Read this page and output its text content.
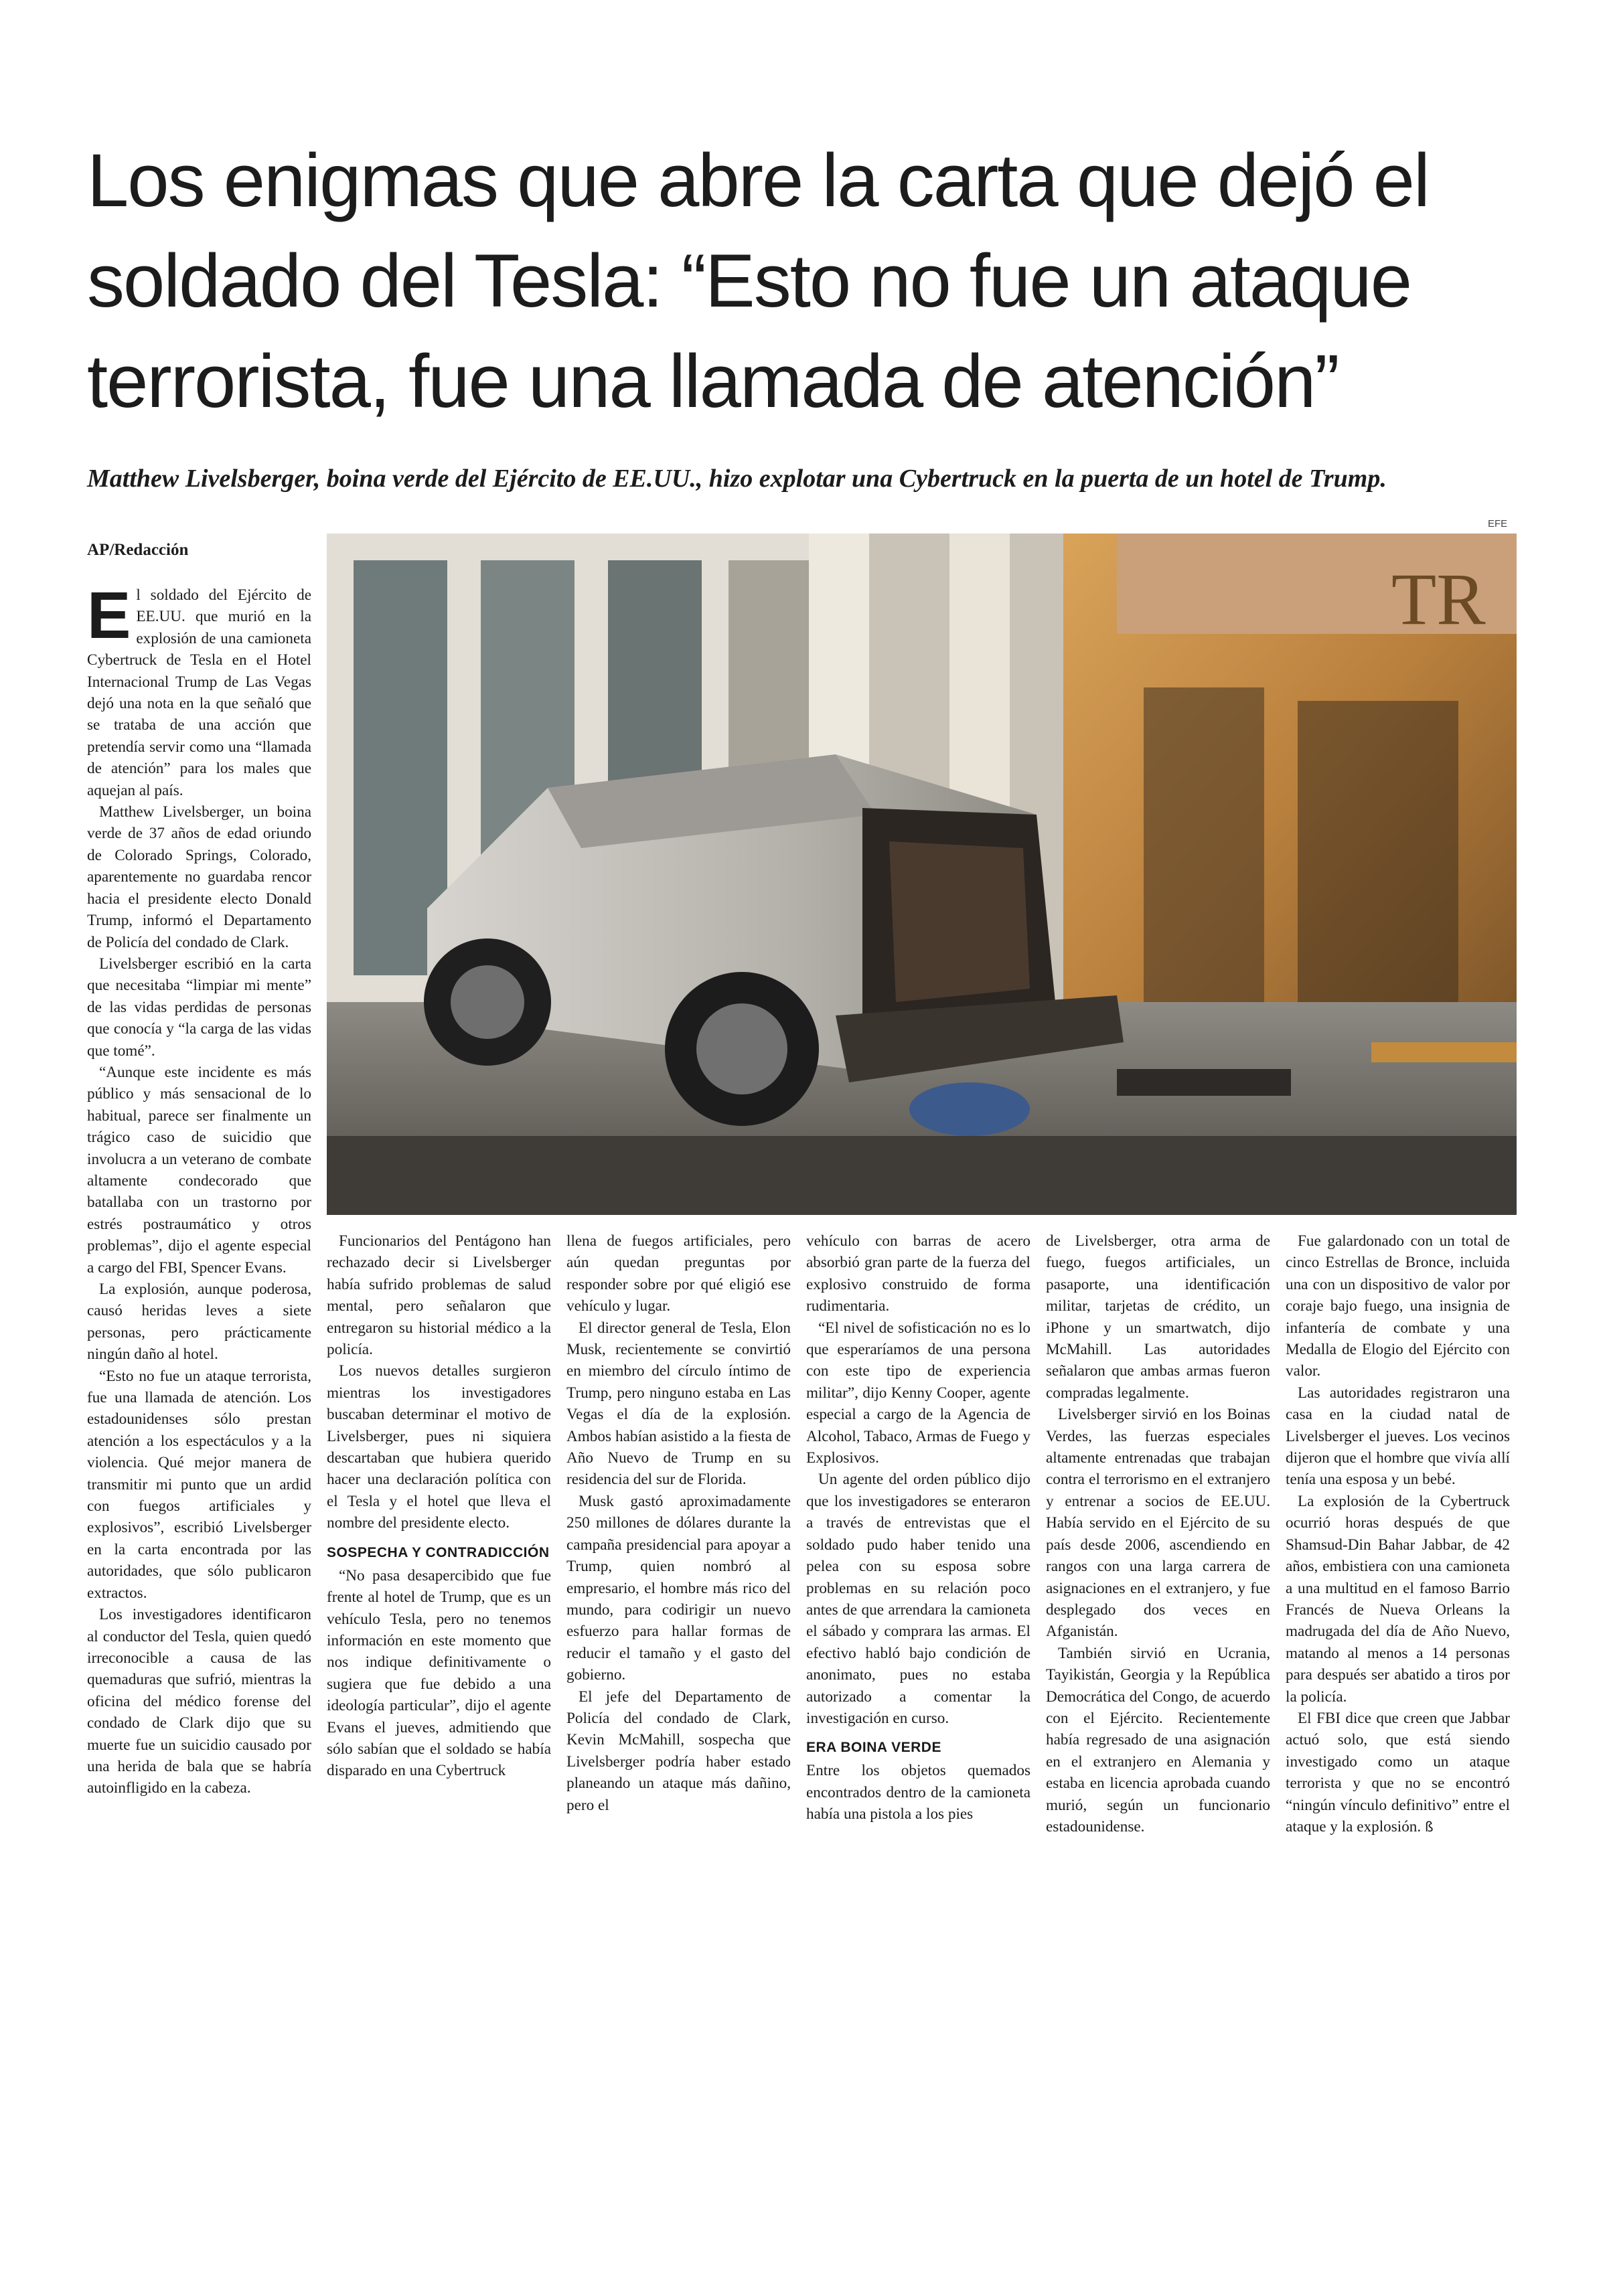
Los enigmas que abre la carta que dejó el soldado del Tesla: “Esto no fue un ataque terrorista, fue una llamada de atención”
Matthew Livelsberger, boina verde del Ejército de EE.UU., hizo explotar una Cybertruck en la puerta de un hotel de Trump.
EFE
AP/Redacción
TR

El soldado del Ejército de EE.UU. que murió en la explosión de una camioneta Cybertruck de Tesla en el Hotel Internacional Trump de Las Vegas dejó una nota en la que señaló que se trataba de una acción que pretendía servir como una “llamada de atención” para los males que aquejan al país.

Matthew Livelsberger, un boina verde de 37 años de edad oriundo de Colorado Springs, Colorado, aparentemente no guardaba rencor hacia el presidente electo Donald Trump, informó el Departamento de Policía del condado de Clark.

Livelsberger escribió en la carta que necesitaba “limpiar mi mente” de las vidas perdidas de personas que conocía y “la carga de las vidas que tomé”.

“Aunque este incidente es más público y más sensacional de lo habitual, parece ser finalmente un trágico caso de suicidio que involucra a un veterano de combate altamente condecorado que batallaba con un trastorno por estrés postraumático y otros problemas”, dijo el agente especial a cargo del FBI, Spencer Evans.

La explosión, aunque poderosa, causó heridas leves a siete personas, pero prácticamente ningún daño al hotel.

“Esto no fue un ataque terrorista, fue una llamada de atención. Los estadounidenses sólo prestan atención a los espectáculos y a la violencia. Qué mejor manera de transmitir mi punto que un ardid con fuegos artificiales y explosivos”, escribió Livelsberger en la carta encontrada por las autoridades, que sólo publicaron extractos.

Los investigadores identificaron al conductor del Tesla, quien quedó irreconocible a causa de las quemaduras que sufrió, mientras la oficina del médico forense del condado de Clark dijo que su muerte fue un suicidio causado por una herida de bala que se habría autoinfligido en la cabeza.

Funcionarios del Pentágono han rechazado decir si Livelsberger había sufrido problemas de salud mental, pero señalaron que entregaron su historial médico a la policía.

Los nuevos detalles surgieron mientras los investigadores buscaban determinar el motivo de Livelsberger, pues ni siquiera descartaban que hubiera querido hacer una declaración política con el Tesla y el hotel que lleva el nombre del presidente electo.

SOSPECHA Y CONTRADICCIÓN

“No pasa desapercibido que fue frente al hotel de Trump, que es un vehículo Tesla, pero no tenemos información en este momento que nos indique definitivamente o sugiera que fue debido a una ideología particular”, dijo el agente Evans el jueves, admitiendo que sólo sabían que el soldado se había disparado en una Cybertruck

llena de fuegos artificiales, pero aún quedan preguntas por responder sobre por qué eligió ese vehículo y lugar.

El director general de Tesla, Elon Musk, recientemente se convirtió en miembro del círculo íntimo de Trump, pero ninguno estaba en Las Vegas el día de la explosión. Ambos habían asistido a la fiesta de Año Nuevo de Trump en su residencia del sur de Florida.

Musk gastó aproximadamente 250 millones de dólares durante la campaña presidencial para apoyar a Trump, quien nombró al empresario, el hombre más rico del mundo, para codirigir un nuevo esfuerzo para hallar formas de reducir el tamaño y el gasto del gobierno.

El jefe del Departamento de Policía del condado de Clark, Kevin McMahill, sospecha que Livelsberger podría haber estado planeando un ataque más dañino, pero el

vehículo con barras de acero absorbió gran parte de la fuerza del explosivo construido de forma rudimentaria.

“El nivel de sofisticación no es lo que esperaríamos de una persona con este tipo de experiencia militar”, dijo Kenny Cooper, agente especial a cargo de la Agencia de Alcohol, Tabaco, Armas de Fuego y Explosivos.

Un agente del orden público dijo que los investigadores se enteraron a través de entrevistas que el soldado pudo haber tenido una pelea con su esposa sobre problemas en su relación poco antes de que arrendara la camioneta el sábado y comprara las armas. El efectivo habló bajo condición de anonimato, pues no estaba autorizado a comentar la investigación en curso.

ERA BOINA VERDE

Entre los objetos quemados encontrados dentro de la camioneta había una pistola a los pies

de Livelsberger, otra arma de fuego, fuegos artificiales, un pasaporte, una identificación militar, tarjetas de crédito, un iPhone y un smartwatch, dijo McMahill. Las autoridades señalaron que ambas armas fueron compradas legalmente.

Livelsberger sirvió en los Boinas Verdes, las fuerzas especiales altamente entrenadas que trabajan contra el terrorismo en el extranjero y entrenar a socios de EE.UU. Había servido en el Ejército de su país desde 2006, ascendiendo en rangos con una larga carrera de asignaciones en el extranjero, y fue desplegado dos veces en Afganistán.

También sirvió en Ucrania, Tayikistán, Georgia y la República Democrática del Congo, de acuerdo con el Ejército. Recientemente había regresado de una asignación en el extranjero en Alemania y estaba en licencia aprobada cuando murió, según un funcionario estadounidense.

Fue galardonado con un total de cinco Estrellas de Bronce, incluida una con un dispositivo de valor por coraje bajo fuego, una insignia de infantería de combate y una Medalla de Elogio del Ejército con valor.

Las autoridades registraron una casa en la ciudad natal de Livelsberger el jueves. Los vecinos dijeron que el hombre que vivía allí tenía una esposa y un bebé.

La explosión de la Cybertruck ocurrió horas después de que Shamsud-Din Bahar Jabbar, de 42 años, embistiera con una camioneta a una multitud en el famoso Barrio Francés de Nueva Orleans la madrugada del día de Año Nuevo, matando al menos a 14 personas para después ser abatido a tiros por la policía.

El FBI dice que creen que Jabbar actuó solo, que está siendo investigado como un ataque terrorista y que no se encontró “ningún vínculo definitivo” entre el ataque y la explosión. ß
